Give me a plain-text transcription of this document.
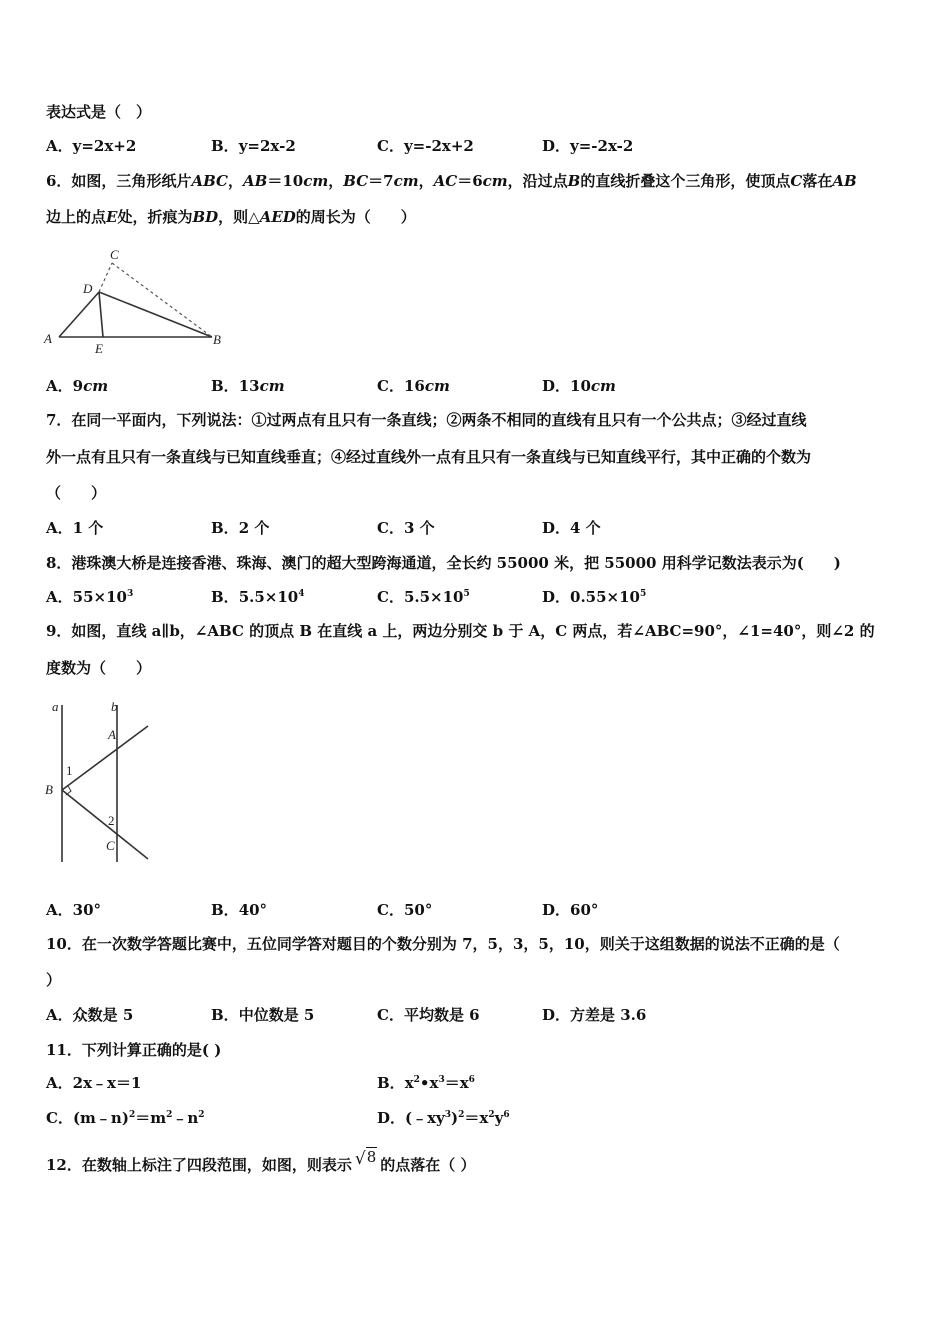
表达式是（　）
A．y=2x+2	B．y=2x-2	C．y=-2x+2	D．y=-2x-2
6．如图，三角形纸片ABC，AB＝10cm，BC＝7cm，AC＝6cm，沿过点B的直线折叠这个三角形，使顶点C落在AB
边上的点E处，折痕为BD，则△AED的周长为（　　）
C
D
A
E
B
A．9cm	B．13cm	C．16cm	D．10cm
7．在同一平面内，下列说法：①过两点有且只有一条直线；②两条不相同的直线有且只有一个公共点；③经过直线
外一点有且只有一条直线与已知直线垂直；④经过直线外一点有且只有一条直线与已知直线平行，其中正确的个数为
（　　）
A．1 个	B．2 个	C．3 个	D．4 个
8．港珠澳大桥是连接香港、珠海、澳门的超大型跨海通道，全长约 55000 米，把 55000 用科学记数法表示为(　　)
A．$55\times 10^3$	B．$5.5\times 10^4$	C．$5.5\times 10^5$	D．$0.55\times 10^5$
9．如图，直线 a∥b，∠ABC 的顶点 B 在直线 a 上，两边分别交 b 于 A，C 两点，若∠ABC=90°，∠1=40°，则∠2 的
度数为（　　）
a	b
A
1
B
2
C
A．30°	B．40°	C．50°	D．60°
10．在一次数学答题比赛中，五位同学答对题目的个数分别为 7，5，3，5，10，则关于这组数据的说法不正确的是（
）
A．众数是 5	B．中位数是 5	C．平均数是 6	D．方差是 3.6
11．下列计算正确的是( )
A．2x﹣x＝1	B．$x^2•x^3=x^6$
C．$(m﹣n)^2=m^2﹣n^2$	D．$(﹣xy^3)^2=x^2y^6$
12．在数轴上标注了四段范围，如图，则表示 √8 的点落在（ ）
